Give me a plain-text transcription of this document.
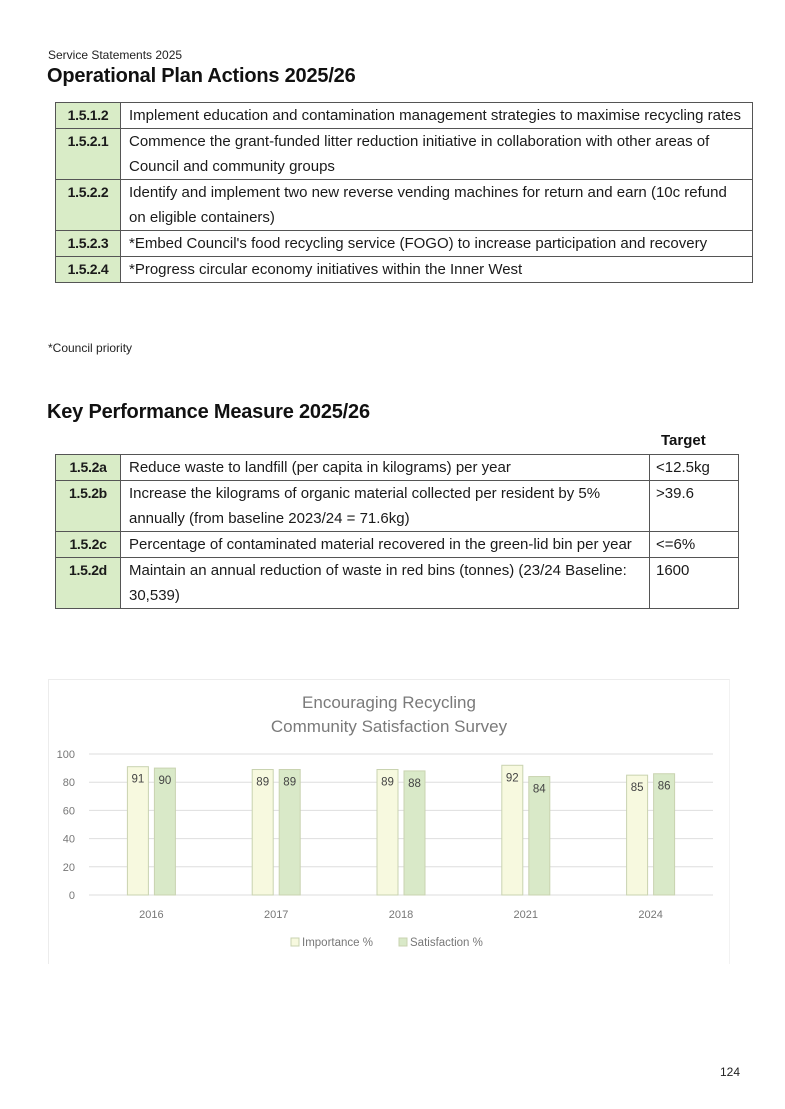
Service Statements 2025
Operational Plan Actions 2025/26
1.5.1.2	Implement education and contamination management strategies to maximise recycling rates
1.5.2.1	Commence the grant-funded litter reduction initiative in collaboration with other areas of Council and community groups
1.5.2.2	Identify and implement two new reverse vending machines for return and earn (10c refund on eligible containers)
1.5.2.3	*Embed Council's food recycling service (FOGO) to increase participation and recovery
1.5.2.4	*Progress circular economy initiatives within the Inner West
*Council priority
Key Performance Measure 2025/26
Target
1.5.2a	Reduce waste to landfill (per capita in kilograms) per year	<12.5kg
1.5.2b	Increase the kilograms of organic material collected per resident by 5% annually (from baseline 2023/24 = 71.6kg)	>39.6
1.5.2c	Percentage of contaminated material recovered in the green-lid bin per year	<=6%
1.5.2d	Maintain an annual reduction of waste in red bins (tonnes) (23/24 Baseline: 30,539)	1600
Encouraging Recycling
Community Satisfaction Survey
0
20
40
60
80
100
91 90
2016
89 89
2017
89 88
2018
92
84
2021
85 86
2024
Importance %	Satisfaction %
124
